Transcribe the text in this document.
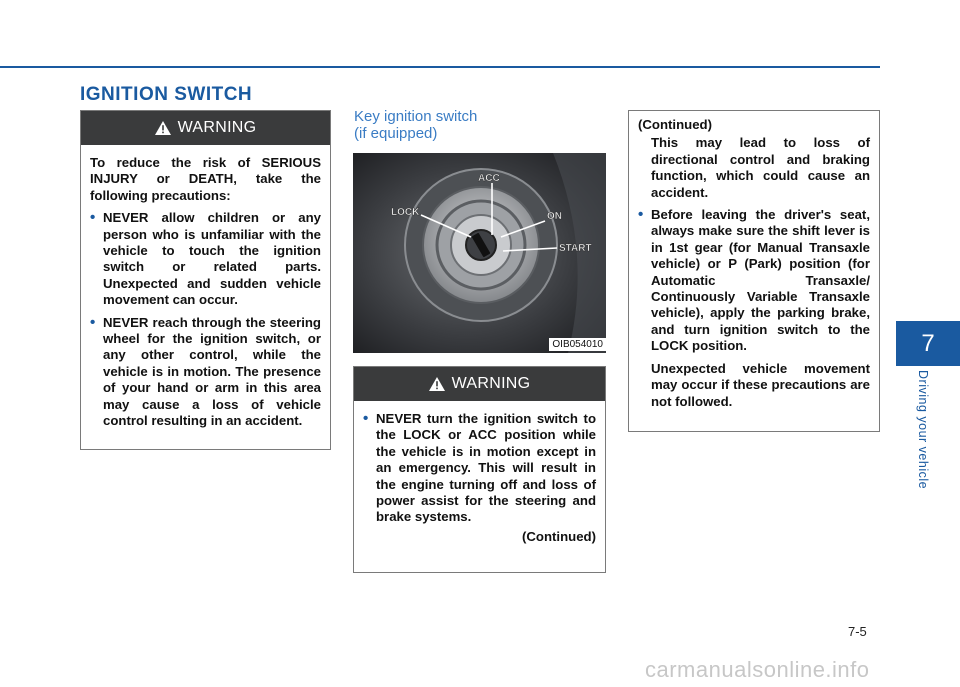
IGNITION SWITCH
WARNING

To reduce the risk of SERIOUS INJURY or DEATH, take the following precautions:

• NEVER allow children or any person who is unfamiliar with the vehicle to touch the ignition switch or related parts. Unexpected and sudden vehicle movement can occur.

• NEVER reach through the steering wheel for the ignition switch, or any other control, while the vehicle is in motion. The presence of your hand or arm in this area may cause a loss of vehicle control resulting in an accident.

Key ignition switch
(if equipped)
ACC
LOCK	ON
START
OIB054010
WARNING

• NEVER turn the ignition switch to the LOCK or ACC position while the vehicle is in motion except in an emergency. This will result in the engine turning off and loss of power assist for the steering and brake systems.

(Continued)

(Continued)

This may lead to loss of directional control and braking function, which could cause an accident.

• Before leaving the driver's seat, always make sure the shift lever is in 1st gear (for Manual Transaxle vehicle) or P (Park) position (for Automatic Transaxle/ Continuously Variable Transaxle vehicle), apply the parking brake, and turn ignition switch to the LOCK position.

Unexpected vehicle movement may occur if these precautions are not followed.

7
Driving your vehicle
7-5
carmanualsonline.info
